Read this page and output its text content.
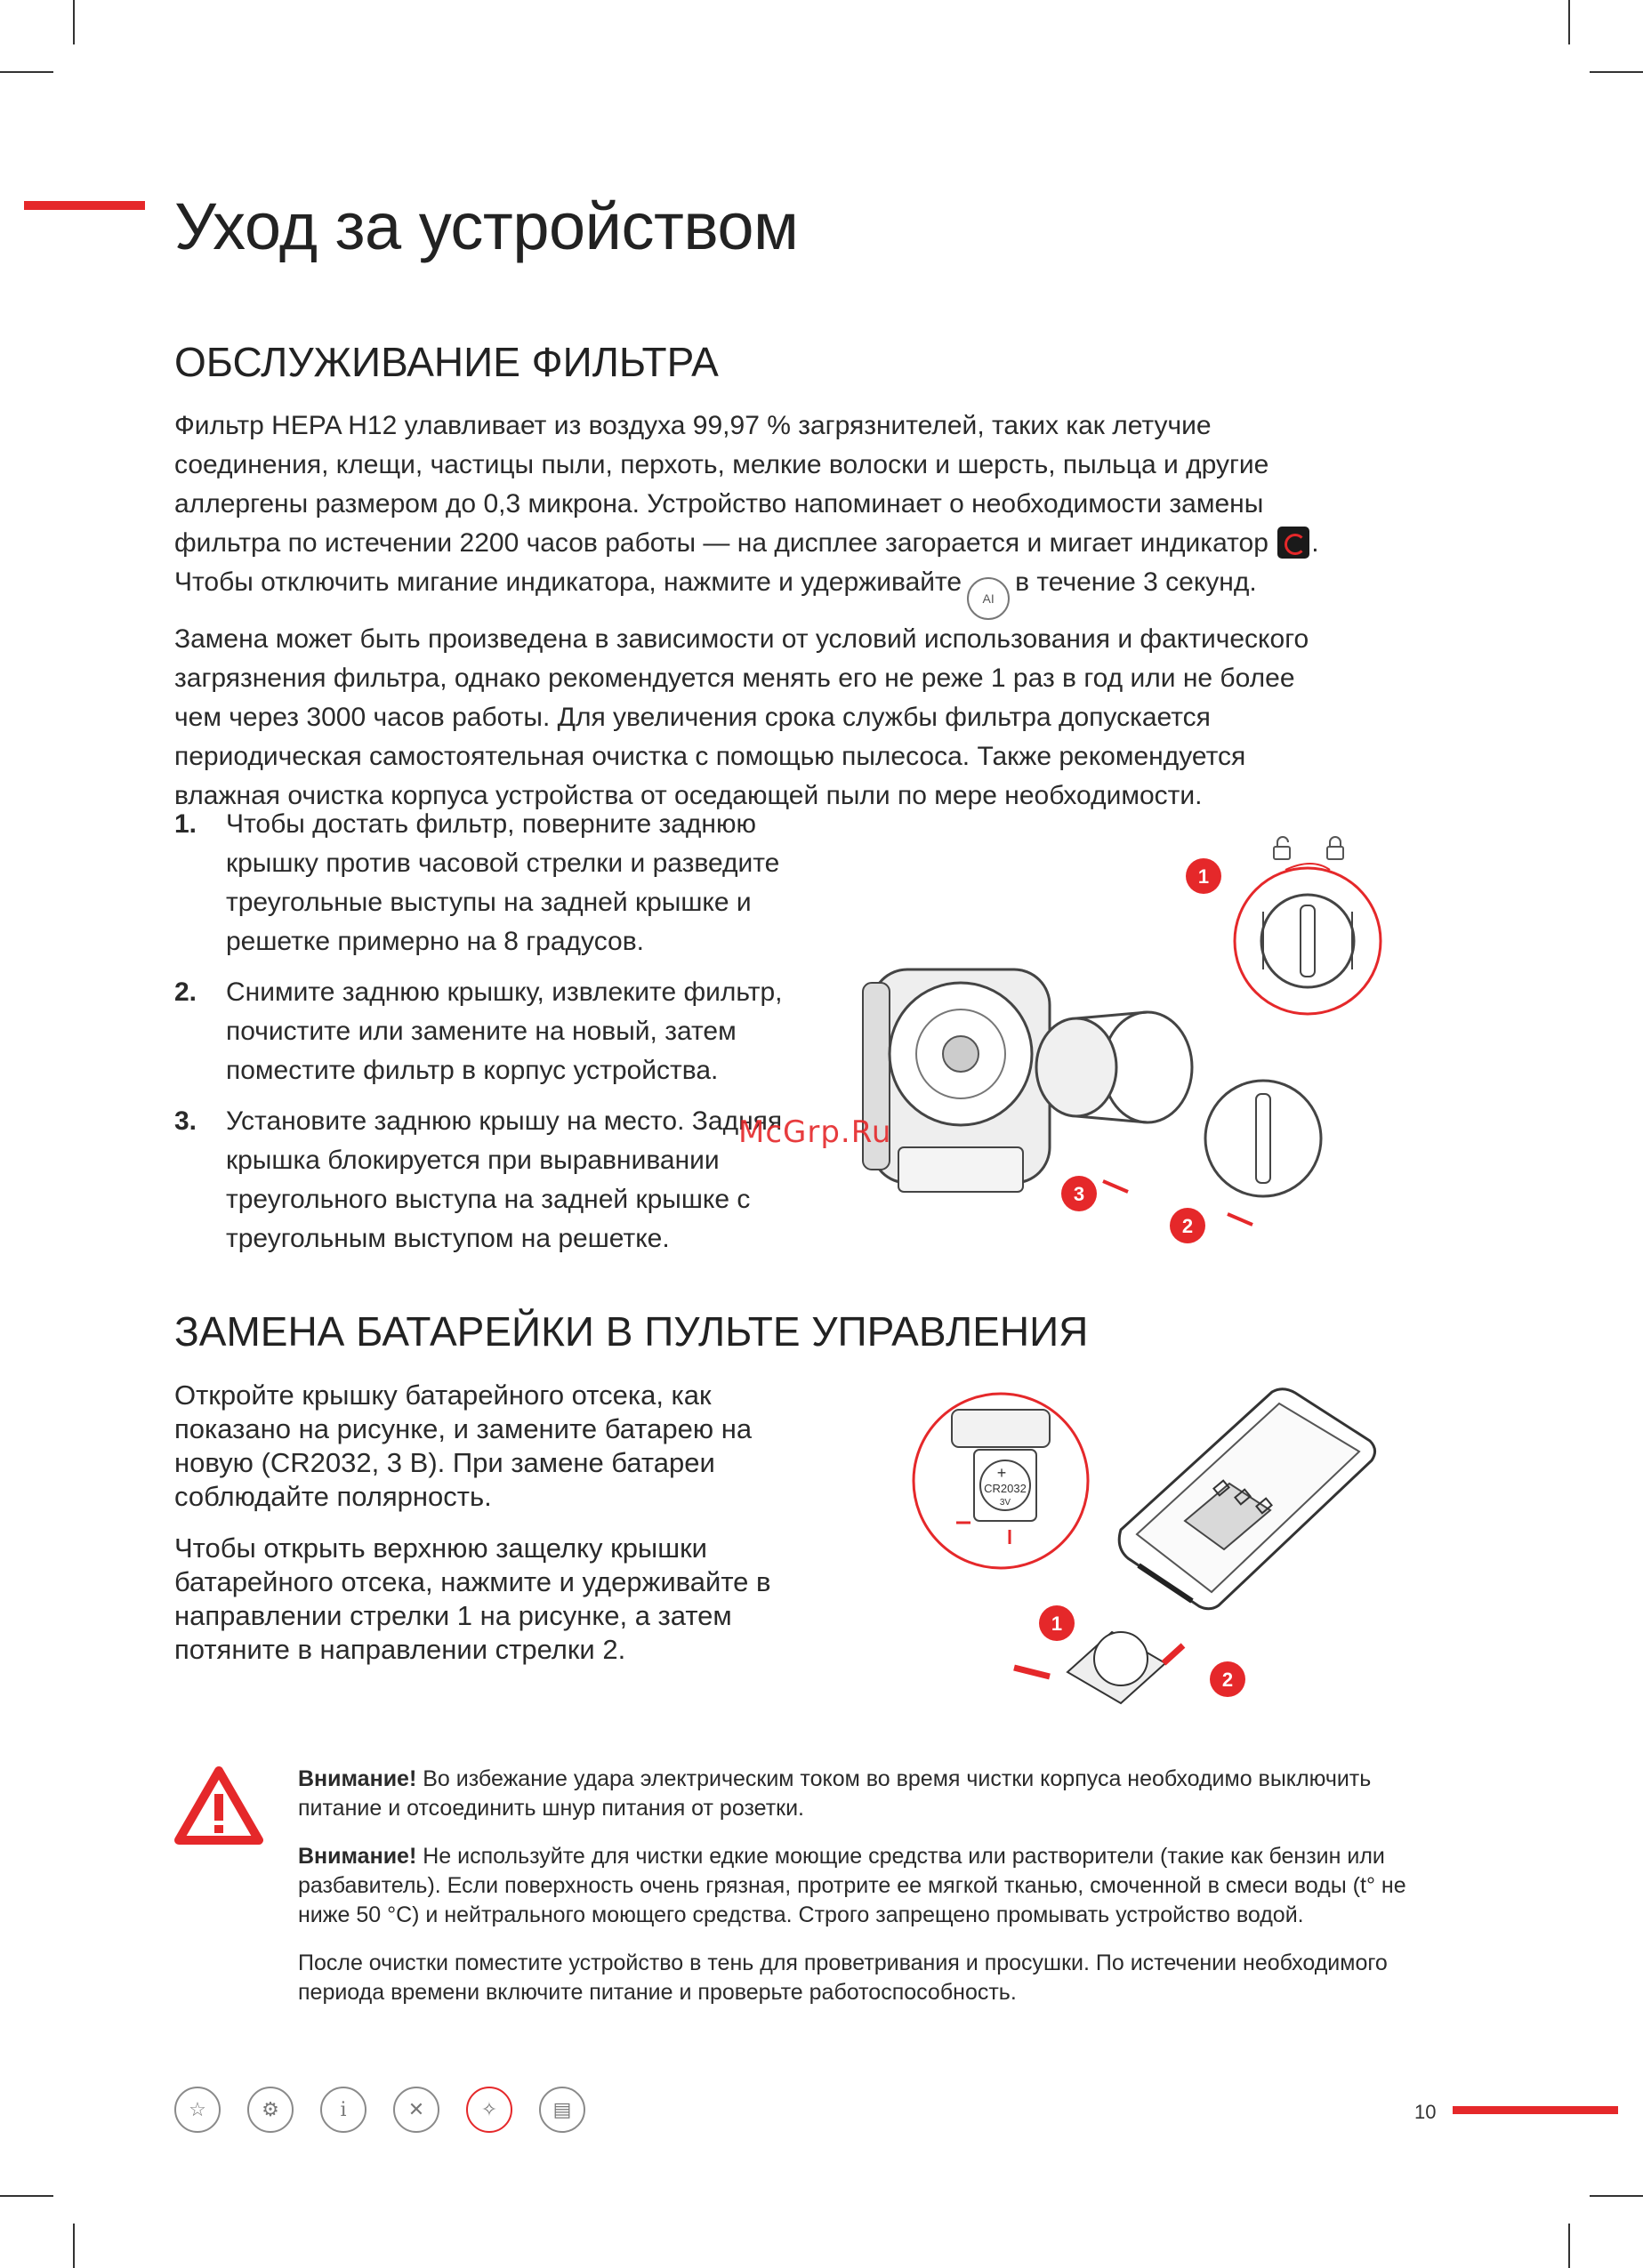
Уход за устройством
ОБСЛУЖИВАНИЕ ФИЛЬТРА

Фильтр HEPA H12 улавливает из воздуха 99,97 % загрязнителей, таких как летучие

соединения, клещи, частицы пыли, перхоть, мелкие волоски и шерсть, пыльца и другие

аллергены размером до 0,3 микрона. Устройство напоминает о необходимости замены

фильтра по истечении 2200 часов работы — на дисплее загорается и мигает индикатор .

Чтобы отключить мигание индикатора, нажмите и удерживайтеAIв течение 3 секунд.

Замена может быть произведена в зависимости от условий использования и фактического

загрязнения фильтра, однако рекомендуется менять его не реже 1 раз в год или не более

чем через 3000 часов работы. Для увеличения срока службы фильтра допускается

периодическая самостоятельная очистка с помощью пылесоса. Также рекомендуется

влажная очистка корпуса устройства от оседающей пыли по мере необходимости.

1. Чтобы достать фильтр, поверните заднюю крышку против часовой стрелки и разведите треугольные выступы на задней крышке и решетке примерно на 8 градусов.
2. Снимите заднюю крышку, извлеките фильтр, почистите или замените на новый, затем поместите фильтр в корпус устройства.
3. Установите заднюю крышу на место. Задняя крышка блокируется при выравнивании треугольного выступа на задней крышке с треугольным выступом на решетке.
1
2
3
McGrp.Ru
ЗАМЕНА БАТАРЕЙКИ В ПУЛЬТЕ УПРАВЛЕНИЯ

Откройте крышку батарейного отсека, как показано на рисунке, и замените батарею на новую (CR2032, 3 В). При замене батареи соблюдайте полярность.

Чтобы открыть верхнюю защелку крышки батарейного отсека, нажмите и удерживайте в направлении стрелки 1 на рисунке, а затем потяните в направлении стрелки 2.

+
CR2032
3V
1
2

Внимание! Во избежание удара электрическим током во время чистки корпуса необходимо выключить питание и отсоединить шнур питания от розетки.

Внимание! Не используйте для чистки едкие моющие средства или растворители (такие как бензин или разбавитель). Если поверхность очень грязная, протрите ее мягкой тканью, смоченной в смеси воды (t° не ниже 50 °C) и нейтрального моющего средства. Строго запрещено промывать устройство водой.

После очистки поместите устройство в тень для проветривания и просушки. По истечении необходимого периода времени включите питание и проверьте работоспособность.

☆	⚙	i	✕	✧	▤	10
